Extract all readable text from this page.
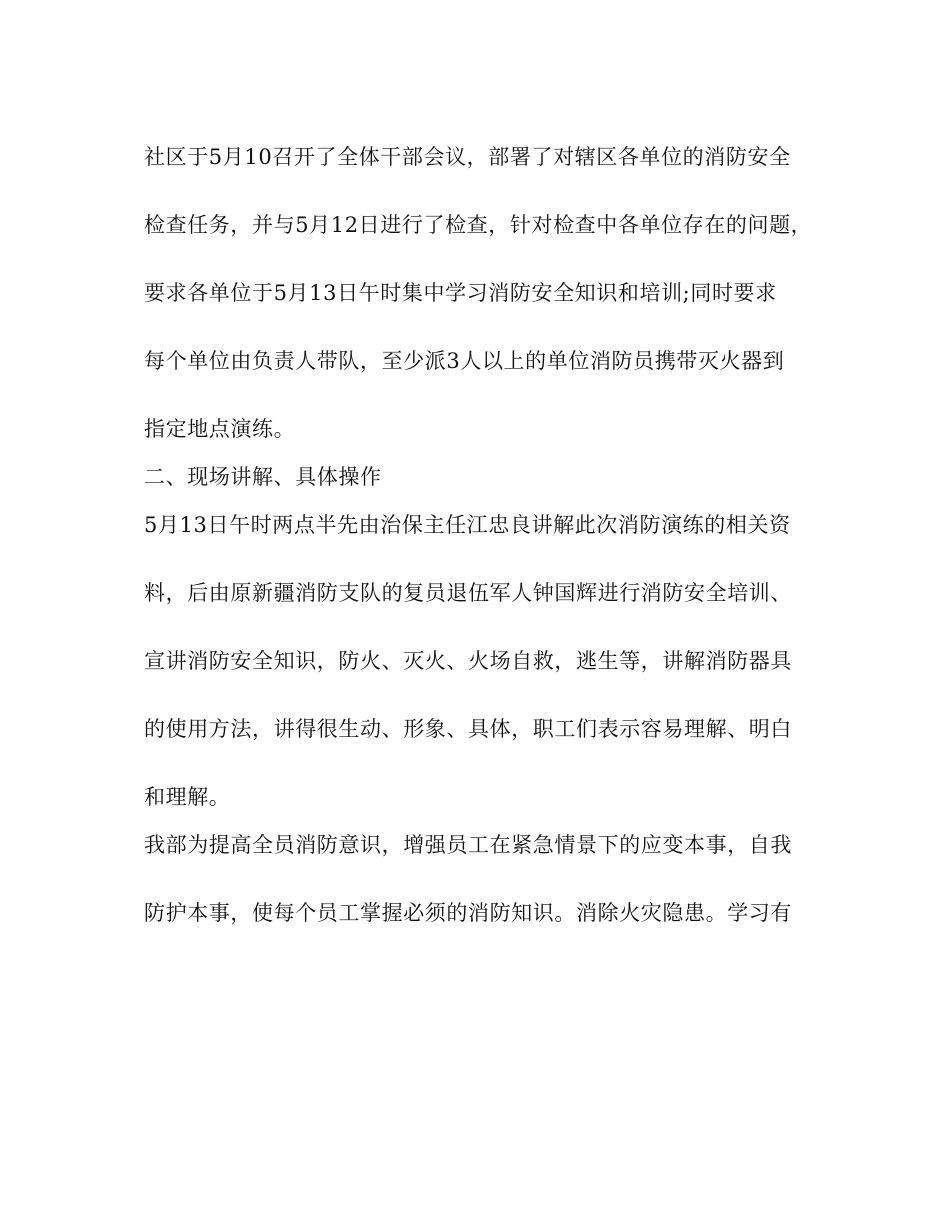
社区于5月10召开了全体干部会议，部署了对辖区各单位的消防安全
检查任务，并与5月12日进行了检查，针对检查中各单位存在的问题，
要求各单位于5月13日午时集中学习消防安全知识和培训;同时要求
每个单位由负责人带队，至少派3人以上的单位消防员携带灭火器到
指定地点演练。
二、现场讲解、具体操作
5月13日午时两点半先由治保主任江忠良讲解此次消防演练的相关资
料，后由原新疆消防支队的复员退伍军人钟国辉进行消防安全培训、
宣讲消防安全知识，防火、灭火、火场自救，逃生等，讲解消防器具
的使用方法，讲得很生动、形象、具体，职工们表示容易理解、明白
和理解。
我部为提高全员消防意识，增强员工在紧急情景下的应变本事，自我
防护本事，使每个员工掌握必须的消防知识。消除火灾隐患。学习有
